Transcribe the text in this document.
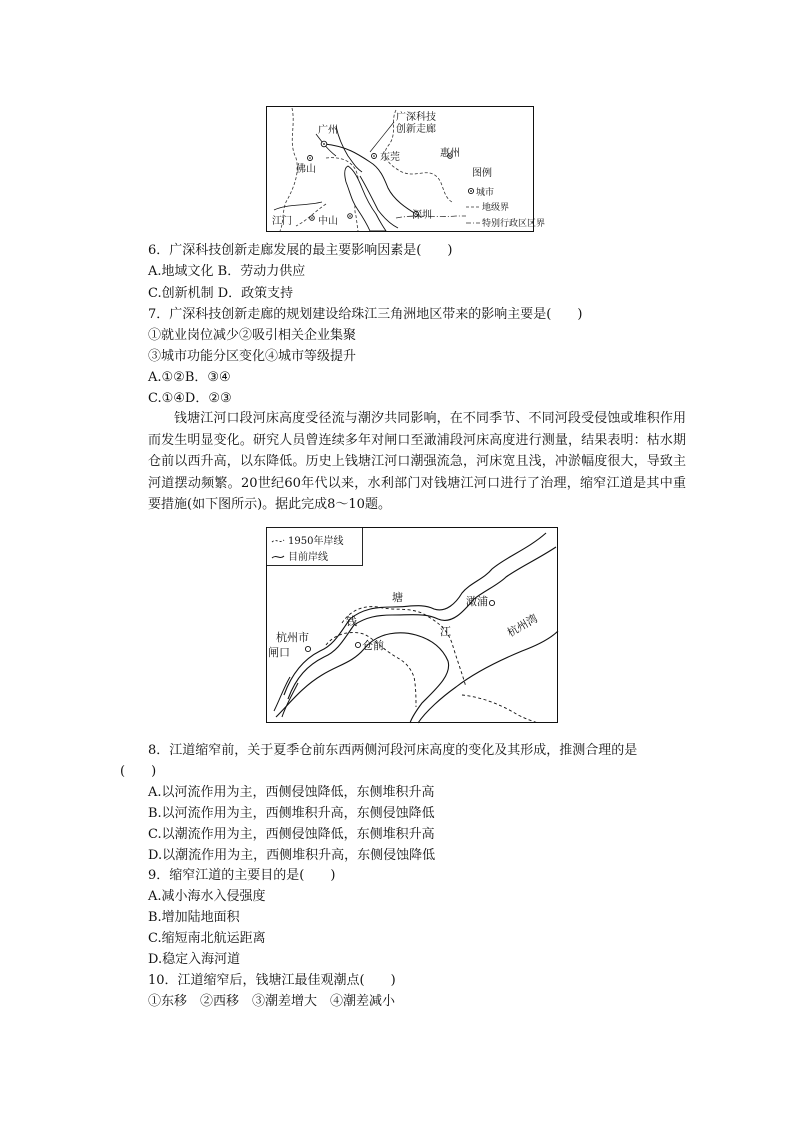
广州
广深科技
创新走廊
东莞	惠州
佛山
江门	中山
深圳
图例
城市
地级界
特别行政区区界
6．广深科技创新走廊发展的最主要影响因素是(　　)
A.地域文化 B．劳动力供应
C.创新机制 D．政策支持
7．广深科技创新走廊的规划建设给珠江三角洲地区带来的影响主要是(　　)
①就业岗位减少②吸引相关企业集聚
③城市功能分区变化④城市等级提升
A.①②B．③④
C.①④D．②③
钱塘江河口段河床高度受径流与潮汐共同影响，在不同季节、不同河段受侵蚀或堆积作用而发生明显变化。研究人员曾连续多年对闸口至澉浦段河床高度进行测量，结果表明：枯水期仓前以西升高，以东降低。历史上钱塘江河口潮强流急，河床宽且浅，冲淤幅度很大，导致主河道摆动频繁。20世纪60年代以来，水利部门对钱塘江河口进行了治理，缩窄江道是其中重要措施(如下图所示)。据此完成8～10题。
1950年岸线
目前岸线
塘
钱
江
澉浦
杭州湾
杭州市
闸口
仓前
8．江道缩窄前，关于夏季仓前东西两侧河段河床高度的变化及其形成，推测合理的是
(　　)
A.以河流作用为主，西侧侵蚀降低，东侧堆积升高
B.以河流作用为主，西侧堆积升高，东侧侵蚀降低
C.以潮流作用为主，西侧侵蚀降低，东侧堆积升高
D.以潮流作用为主，西侧堆积升高，东侧侵蚀降低
9．缩窄江道的主要目的是(　　)
A.减小海水入侵强度
B.增加陆地面积
C.缩短南北航运距离
D.稳定入海河道
10．江道缩窄后，钱塘江最佳观潮点(　　)
①东移　②西移　③潮差增大　④潮差减小
